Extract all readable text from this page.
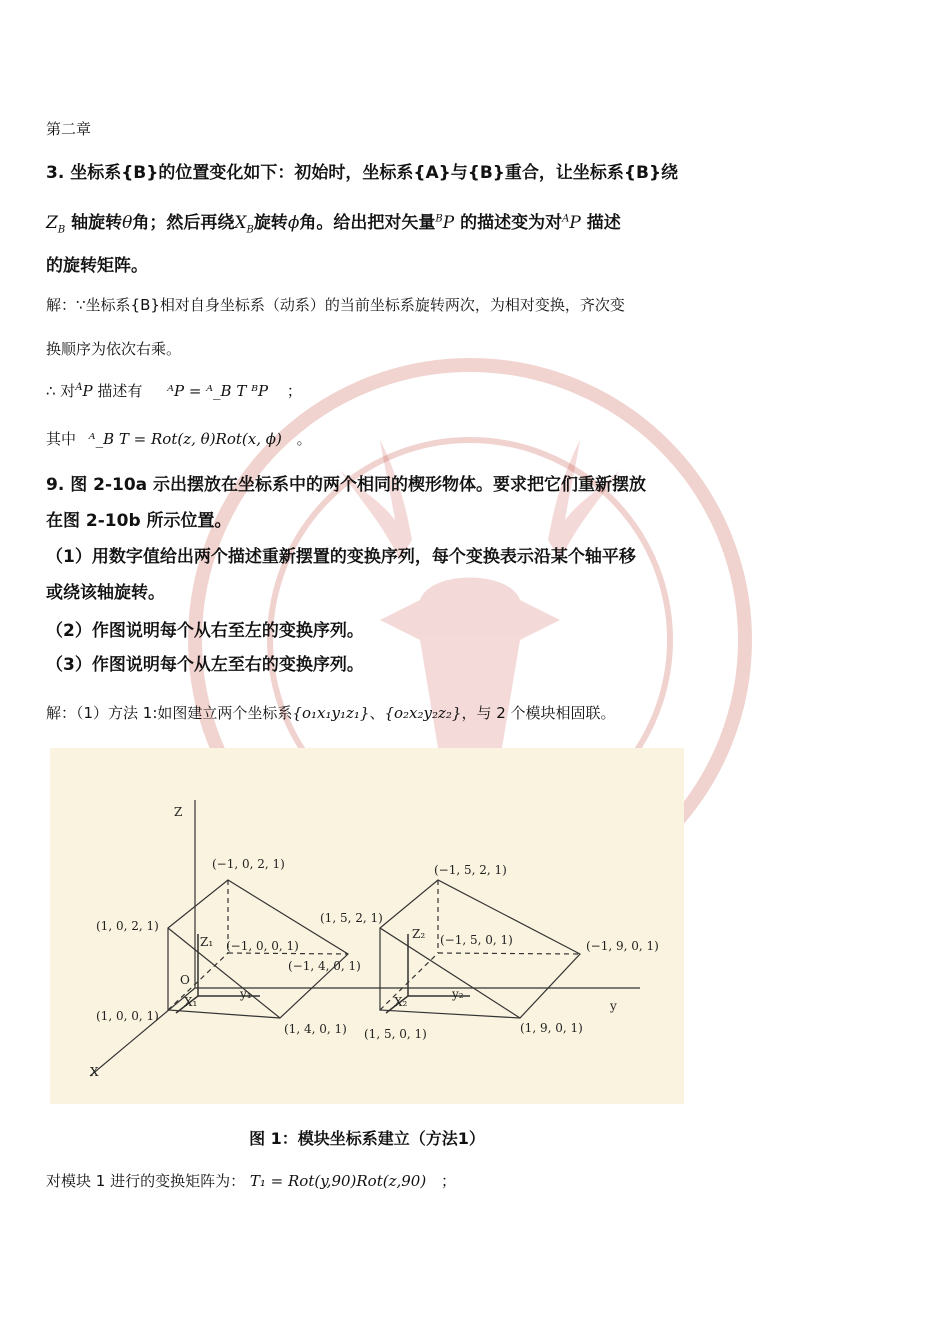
第二章
3. 坐标系{B}的位置变化如下：初始时，坐标系{A}与{B}重合，让坐标系{B}绕
$Z_B$ 轴旋转θ角；然后再绕$X_B$旋转ϕ角。给出把对矢量$^B$P 的描述变为对$^A$P 描述
的旋转矩阵。
解：∵坐标系{B}相对自身坐标系（动系）的当前坐标系旋转两次，为相对变换，齐次变
换顺序为依次右乘。
∴ 对$^A$P 描述有 ᴬP = ᴬ_B T ᴮP ；
其中 ᴬ_B T = Rot(z, θ)Rot(x, ϕ) 。
9. 图 2-10a 示出摆放在坐标系中的两个相同的楔形物体。要求把它们重新摆放
在图 2-10b 所示位置。
（1）用数字值给出两个描述重新摆置的变换序列，每个变换表示沿某个轴平移
或绕该轴旋转。
（2）作图说明每个从右至左的变换序列。
（3）作图说明每个从左至右的变换序列。
解：（1）方法 1:如图建立两个坐标系{o₁x₁y₁z₁}、{o₂x₂y₂z₂}，与 2 个模块相固联。
Z
X
y
O
Z₁
X₁
y₁
Z₂
X₂
y₂
(−1, 0, 2, 1)
(1, 0, 2, 1)
(1, 5, 2, 1)
(−1, 0, 0, 1)
(−1, 4, 0, 1)
(1, 0, 0, 1)
(1, 4, 0, 1)
(−1, 5, 2, 1)
(−1, 5, 0, 1)	(−1, 9, 0, 1)
(1, 5, 0, 1)	(1, 9, 0, 1)
图 1：模块坐标系建立（方法1）
对模块 1 进行的变换矩阵为： T₁ = Rot(y,90)Rot(z,90) ；
